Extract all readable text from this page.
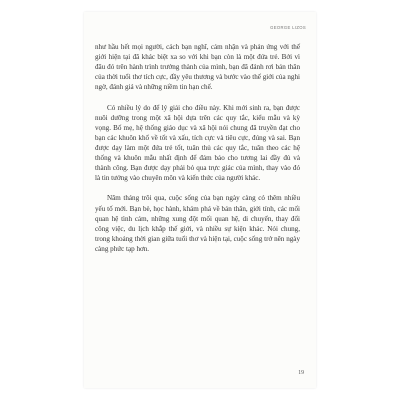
GEORGE LIZOS

như hầu hết mọi người, cách bạn nghĩ, cảm nhận và phản ứng với thế giới hiện tại đã khác biệt xa so với khi bạn còn là một đứa trẻ. Bởi vì đâu đó trên hành trình trưởng thành của mình, bạn đã đánh rơi bản thân của thời tuổi thơ tích cực, đầy yêu thương và bước vào thế giới của nghi ngờ, đánh giá và những niềm tin hạn chế.

Có nhiều lý do để lý giải cho điều này. Khi mới sinh ra, bạn được nuôi dưỡng trong một xã hội dựa trên các quy tắc, kiểu mẫu và kỳ vọng. Bố mẹ, hệ thống giáo dục và xã hội nói chung đã truyền đạt cho bạn các khuôn khổ về tốt và xấu, tích cực và tiêu cực, đúng và sai. Bạn được dạy làm một đứa trẻ tốt, tuân thủ các quy tắc, tuân theo các hệ thống và khuôn mẫu nhất định để đảm bảo cho tương lai đầy đủ và thành công. Bạn được dạy phải bỏ qua trực giác của mình, thay vào đó là tin tưởng vào chuyên môn và kiến thức của người khác.

Năm tháng trôi qua, cuộc sống của bạn ngày càng có thêm nhiều yếu tố mới. Bạn bè, học hành, khám phá về bản thân, giới tính, các mối quan hệ tình cảm, những xung đột mối quan hệ, di chuyển, thay đổi công việc, du lịch khắp thế giới, và nhiều sự kiện khác. Nói chung, trong khoảng thời gian giữa tuổi thơ và hiện tại, cuộc sống trở nên ngày càng phức tạp hơn.

19
